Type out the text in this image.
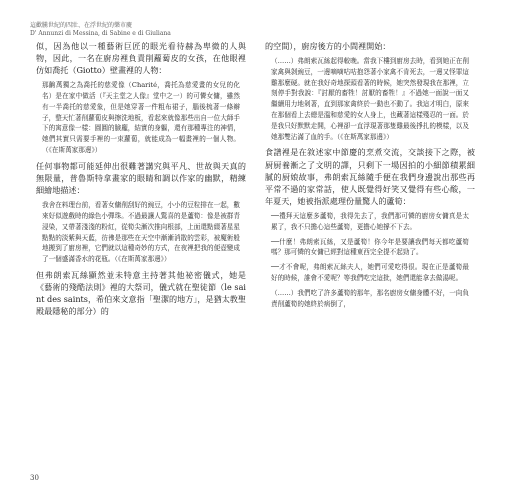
這歡騰世紀的四壯、在浮世紀的樂市慶
D' Annunzi di Messina, di Sabine e di Giuliana

似，因為他以一種藝術巨匠的眼光看待赫為卑微的人與物，因此，一名在廚房裡負責削蘿蔔皮的女孩，在他眼裡仿如喬托（Giotto）壁畫裡的人物：

那齣萬獨之為喬托的慈愛像（Charité，喬托為慈愛畫的女兒的化名）是在家中做活（『天主堂之人像』堂中之一）的可憐女傭，雖然有一半喬托的慈愛象，但是她穿著一件粗布裙子，腦後梳著一條辮子，整天忙著削蘿蔔皮與擦洗地板，看起來就像那些出自一位大師手下的寓意像一樣：圓圓的臉龐，結實的身軀，還有那種專注的神情，她們其實只需要手裡的一束蘿蔔，就能成為一幅畫裡的一個人物。（《在斯萬家那邊》）

任何事物都可能延伸出很難著講究與平凡、世故與天真的無限量，普魯斯特拿畫家的眼睛和調以作家的幽默，精練細繪地描述：

我舍在料理台前，看著女傭削刮好的豌豆，小小的豆粒排在一起，數來好似遊戲時的綠色小彈珠。不過最讓人驚喜的是蘆筍：像是被群青浸染，又帶著淺淺的粉紅，從筍尖漸次推向根部，上面還點綴著星星點點的淡紫與天藍，彷彿是那些在天空中漸漸消散的雲彩，被魔術般地搬到了廚房裡，它們就以這種奇妙的方式，在夜裡把我的便壺變成了一個盛滿香水的花瓶。（《在斯萬家那邊》）

但弗朗索瓦絲顯然並未特意主持著其他祕密儀式，她是《藝術的殘酷法則》裡的大祭司，儀式就在聖徒節（le saint des saints，希伯來文意指「聖潔的地方」，是猶太教聖殿最隱秘的部分）的

的空間），廚房後方的小間裡開始：

（……）弗朗索瓦絲起得較晚。當我下樓到廚房去時，看到她正在削家禽與剝豌豆，一邊嘀嘀咕咕抱怨著小家禽不肯死去，一邊又怪罪這雞那麼硬。就在我好奇地探頭看著的時候，她突然發現我在那裡，立刻停手對我說：『討厭的畜牲！討厭的畜牲！』不過她一面說一面又繼續用力地剁著，直到那家禽終於一動也不動了。我這才明白，原來在那個看上去總是溫和慈愛的女人身上，也藏著這樣殘忍的一面。於是我只好默默走開，心裡卻一直浮現著那隻雞最後掙扎的模樣，以及她那雙沾滿了血的手。（《在斯萬家那邊》）

食譜裡是在敘述家中節慶的烹煮交流，交談接下之際，被厨厨養漸之了文明的譯，只剩下一場因拍的小細節積累細膩的厨娘故事，弗朗索瓦絲隨手便在我們身邊說出那些再平常不過的家常話，使人既覺得好笑又覺得有些心酸，一年夏天，她被指派處理份量驚人的蘆筍：

──禮拜天這麼多蘆筍，我得先去了，我們那可憐的廚房女傭真是太累了，我不只擔心這些蘆筍，更擔心她撐不下去。

──什麼！弗朗索瓦絲，又是蘆筍！你今年是要讓我們每天都吃蘆筍嗎？那可憐的女傭已經對這種東西完全提不起勁了。

──才不會呢，弗朗索瓦絲夫人，她們可愛吃得很。現在正是蘆筍最好的時候，誰會不愛呢？等我們吃完這批，她們還能拿去做湯呢。

（……）我們吃了許多蘆筍的那年，那名廚房女傭身體不好，一向負責削蘆筍的她終於病倒了，

30
